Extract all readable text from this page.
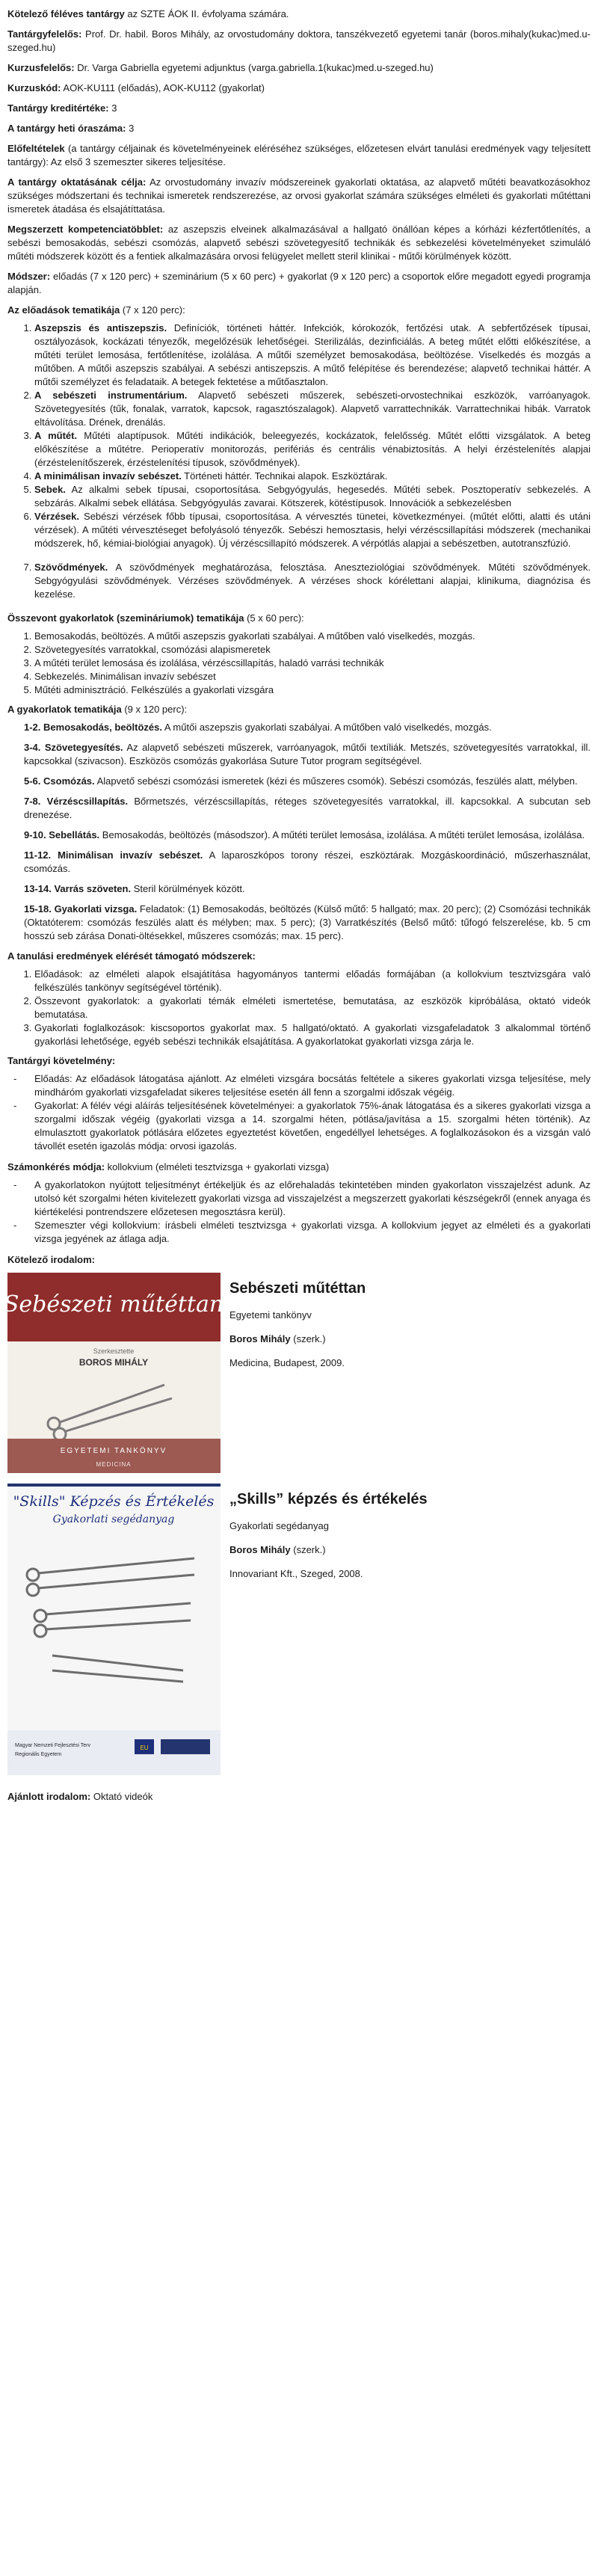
Kötelező féléves tantárgy az SZTE ÁOK II. évfolyama számára.

Tantárgyfelelős: Prof. Dr. habil. Boros Mihály, az orvostudomány doktora, tanszékvezető egyetemi tanár (boros.mihaly(kukac)med.u-szeged.hu)

Kurzusfelelős: Dr. Varga Gabriella egyetemi adjunktus (varga.gabriella.1(kukac)med.u-szeged.hu)

Kurzuskód: AOK-KU111 (előadás), AOK-KU112 (gyakorlat)

Tantárgy kreditértéke: 3

A tantárgy heti óraszáma: 3

Előfeltételek (a tantárgy céljainak és követelményeinek eléréséhez szükséges, előzetesen elvárt tanulási eredmények vagy teljesített tantárgy): Az első 3 szemeszter sikeres teljesítése.

A tantárgy oktatásának célja: Az orvostudomány invazív módszereinek gyakorlati oktatása, az alapvető műtéti beavatkozásokhoz szükséges módszertani és technikai ismeretek rendszerezése, az orvosi gyakorlat számára szükséges elméleti és gyakorlati műtéttani ismeretek átadása és elsajátíttatása.

Megszerzett kompetenciatöbblet: az aszepszis elveinek alkalmazásával a hallgató önállóan képes a kórházi kézfertőtlenítés, a sebészi bemosakodás, sebészi csomózás, alapvető sebészi szövetegyesítő technikák és sebkezelési követelményeket szimuláló műtéti módszerek között és a fentiek alkalmazására orvosi felügyelet mellett steril klinikai - műtői körülmények között.

Módszer: előadás (7 x 120 perc) + szeminárium (5 x 60 perc) + gyakorlat (9 x 120 perc) a csoportok előre megadott egyedi programja alapján.

Az előadások tematikája (7 x 120 perc):

1. Aszepszis és antiszepszis. Definíciók, történeti háttér. Infekciók, kórokozók, fertőzési utak. A sebfertőzések típusai, osztályozások, kockázati tényezők, megelőzésük lehetőségei. Sterilizálás, dezinficiálás. A beteg műtét előtti előkészítése, a műtéti terület lemosása, fertőtlenítése, izolálása. A műtői személyzet bemosakodása, beöltözése. Viselkedés és mozgás a műtőben. A műtői aszepszis szabályai. A sebészi antiszepszis. A műtő felépítése és berendezése; alapvető technikai háttér. A műtői személyzet és feladataik. A betegek fektetése a műtőasztalon.
2. A sebészeti instrumentárium. Alapvető sebészeti műszerek, sebészeti-orvostechnikai eszközök, varróanyagok. Szövetegyesítés (tűk, fonalak, varratok, kapcsok, ragasztószalagok). Alapvető varrattechnikák. Varrattechnikai hibák. Varratok eltávolítása. Drének, drenálás.
3. A műtét. Műtéti alaptípusok. Műtéti indikációk, beleegyezés, kockázatok, felelősség. Műtét előtti vizsgálatok. A beteg előkészítése a műtétre. Perioperatív monitorozás, perifériás és centrális vénabiztosítás. A helyi érzéstelenítés alapjai (érzéstelenítőszerek, érzéstelenítési típusok, szövődmények).
4. A minimálisan invazív sebészet. Történeti háttér. Technikai alapok. Eszköztárak.
5. Sebek. Az alkalmi sebek típusai, csoportosítása. Sebgyógyulás, hegesedés. Műtéti sebek. Posztoperatív sebkezelés. A sebzárás. Alkalmi sebek ellátása. Sebgyógyulás zavarai. Kötszerek, kötéstípusok. Innovációk a sebkezelésben
6. Vérzések. Sebészi vérzések főbb típusai, csoportosítása. A vérvesztés tünetei, következményei. (műtét előtti, alatti és utáni vérzések). A műtéti vérvesztéseget befolyásoló tényezők. Sebészi hemosztasis, helyi vérzéscsillapítási módszerek (mechanikai módszerek, hő, kémiai-biológiai anyagok). Új vérzéscsillapító módszerek. A vérpótlás alapjai a sebészetben, autotranszfúzió.
7. Szövődmények. A szövődmények meghatározása, felosztása. Aneszteziológiai szövődmények. Műtéti szövődmények. Sebgyógyulási szövődmények. Vérzéses szövődmények. A vérzéses shock kórélettani alapjai, klinikuma, diagnózisa és kezelése.

Összevont gyakorlatok (szemináriumok) tematikája (5 x 60 perc):

1. Bemosakodás, beöltözés. A műtői aszepszis gyakorlati szabályai. A műtőben való viselkedés, mozgás.
2. Szövetegyesítés varratokkal, csomózási alapismeretek
3. A műtéti terület lemosása és izolálása, vérzéscsillapítás, haladó varrási technikák
4. Sebkezelés. Minimálisan invazív sebészet
5. Műtéti adminisztráció. Felkészülés a gyakorlati vizsgára

A gyakorlatok tematikája (9 x 120 perc):

1-2. Bemosakodás, beöltözés. A műtői aszepszis gyakorlati szabályai. A műtőben való viselkedés, mozgás.

3-4. Szövetegyesítés. Az alapvető sebészeti műszerek, varróanyagok, műtői textíliák. Metszés, szövetegyesítés varratokkal, ill. kapcsokkal (szivacson). Eszközös csomózás gyakorlása Suture Tutor program segítségével.

5-6. Csomózás. Alapvető sebészi csomózási ismeretek (kézi és műszeres csomók). Sebészi csomózás, feszülés alatt, mélyben.

7-8. Vérzéscsillapítás. Bőrmetszés, vérzéscsillapítás, réteges szövetegyesítés varratokkal, ill. kapcsokkal. A subcutan seb drenezése.

9-10. Sebellátás. Bemosakodás, beöltözés (másodszor). A műtéti terület lemosása, izolálása. A műtéti terület lemosása, izolálása.

11-12. Minimálisan invazív sebészet. A laparoszkópos torony részei, eszköztárak. Mozgáskoordináció, műszerhasználat, csomózás.

13-14. Varrás szöveten. Steril körülmények között.

15-18. Gyakorlati vizsga. Feladatok: (1) Bemosakodás, beöltözés (Külső műtő: 5 hallgató; max. 20 perc); (2) Csomózási technikák (Oktatóterem: csomózás feszülés alatt és mélyben; max. 5 perc); (3) Varratkészítés (Belső műtő: tűfogó felszerelése, kb. 5 cm hosszú seb zárása Donati-öltésekkel, műszeres csomózás; max. 15 perc).

A tanulási eredmények elérését támogató módszerek:

1. Előadások: az elméleti alapok elsajátítása hagyományos tantermi előadás formájában (a kollokvium tesztvizsgára való felkészülés tankönyv segítségével történik).
2. Összevont gyakorlatok: a gyakorlati témák elméleti ismertetése, bemutatása, az eszközök kipróbálása, oktató videók bemutatása.
3. Gyakorlati foglalkozások: kiscsoportos gyakorlat max. 5 hallgató/oktató. A gyakorlati vizsgafeladatok 3 alkalommal történő gyakorlási lehetősége, egyéb sebészi technikák elsajátítása. A gyakorlatokat gyakorlati vizsga zárja le.

Tantárgyi követelmény:

- Előadás: Az előadások látogatása ajánlott. Az elméleti vizsgára bocsátás feltétele a sikeres gyakorlati vizsga teljesítése, mely mindháróm gyakorlati vizsgafeladat sikeres teljesítése esetén áll fenn a szorgalmi időszak végéig.
- Gyakorlat: A félév végi aláírás teljesítésének követelményei: a gyakorlatok 75%-ának látogatása és a sikeres gyakorlati vizsga a szorgalmi időszak végéig (gyakorlati vizsga a 14. szorgalmi héten, pótlása/javítása a 15. szorgalmi héten történik). Az elmulasztott gyakorlatok pótlására előzetes egyeztetést követően, engedéllyel lehetséges. A foglalkozásokon és a vizsgán való távollét esetén igazolás módja: orvosi igazolás.

Számonkérés módja: kollokvium (elméleti tesztvizsga + gyakorlati vizsga)

- A gyakorlatokon nyújtott teljesítményt értékeljük és az előrehaladás tekintetében minden gyakorlaton visszajelzést adunk. Az utolsó két szorgalmi héten kivitelezett gyakorlati vizsga ad visszajelzést a megszerzett gyakorlati készségekről (ennek anyaga és kiértékelési pontrendszere előzetesen megosztásra kerül).
- Szemeszter végi kollokvium: írásbeli elméleti tesztvizsga + gyakorlati vizsga. A kollokvium jegyet az elméleti és a gyakorlati vizsga jegyének az átlaga adja.

Kötelező irodalom:

Sebészeti műtéttan
Szerkesztette
BOROS MIHÁLY
EGYETEMI TANKÖNYV
MEDICINA
Sebészeti műtéttan
Egyetemi tankönyv
Boros Mihály (szerk.)
Medicina, Budapest, 2009.
"Skills" Képzés és Értékelés
Gyakorlati segédanyag
Magyar Nemzeti Fejlesztési Terv
Regionális Egyetem
EU
„Skills” képzés és értékelés
Gyakorlati segédanyag
Boros Mihály (szerk.)
Innovariant Kft., Szeged, 2008.

Ajánlott irodalom: Oktató videók
